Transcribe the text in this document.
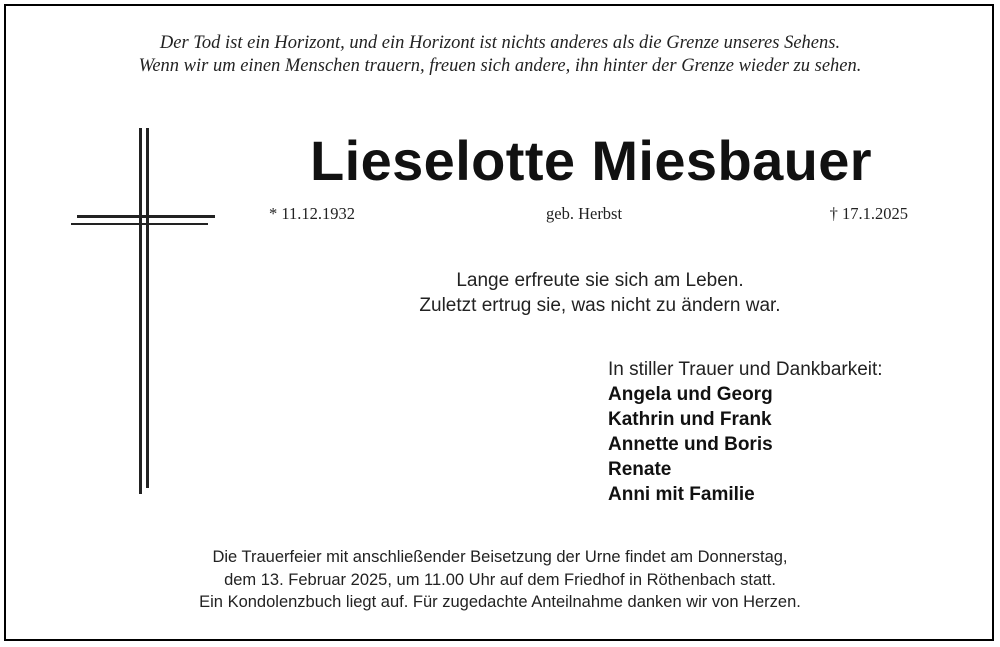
Der Tod ist ein Horizont, und ein Horizont ist nichts anderes als die Grenze unseres Sehens.
Wenn wir um einen Menschen trauern, freuen sich andere, ihn hinter der Grenze wieder zu sehen.
Lieselotte Miesbauer
* 11.12.1932	geb. Herbst	† 17.1.2025
Lange erfreute sie sich am Leben.
Zuletzt ertrug sie, was nicht zu ändern war.
In stiller Trauer und Dankbarkeit:
Angela und Georg
Kathrin und Frank
Annette und Boris
Renate
Anni mit Familie
Die Trauerfeier mit anschließender Beisetzung der Urne findet am Donnerstag,
dem 13. Februar 2025, um 11.00 Uhr auf dem Friedhof in Röthenbach statt.
Ein Kondolenzbuch liegt auf. Für zugedachte Anteilnahme danken wir von Herzen.
